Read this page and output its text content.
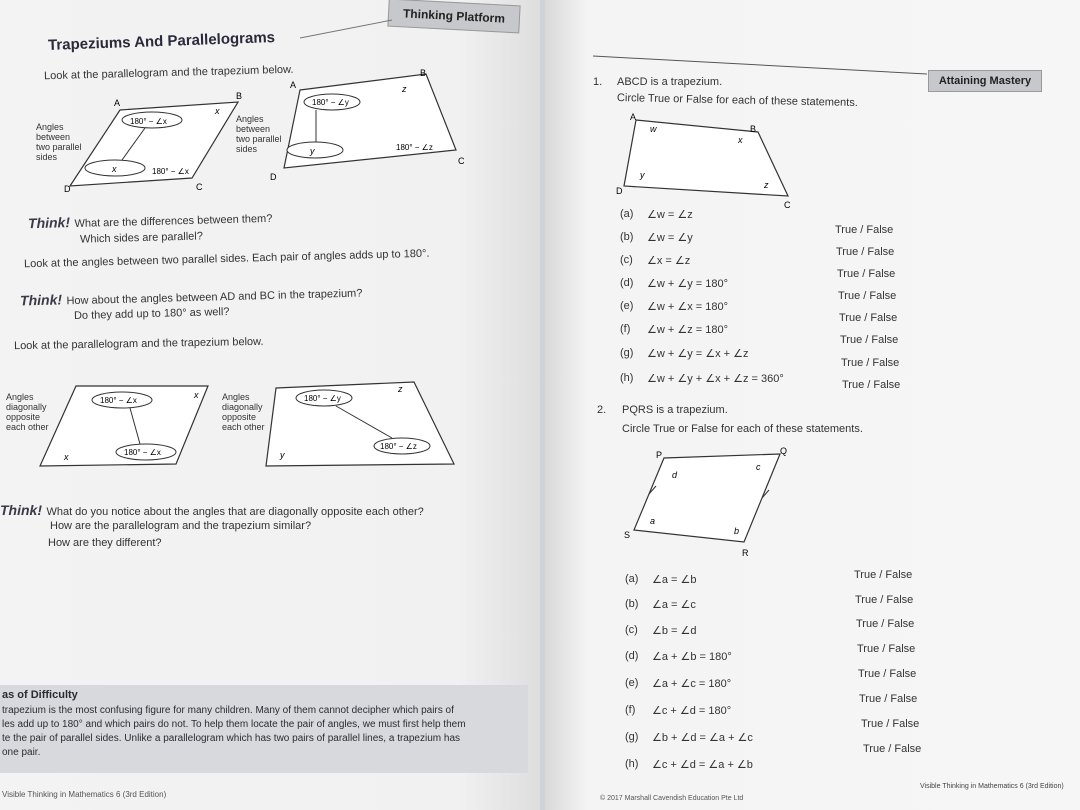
Thinking Platform
Trapeziums And Parallelograms
Look at the parallelogram and the trapezium below.
Angles
between
two parallel
sides
Angles
between
two parallel
sides
180° − ∠x
180° − ∠x
x
x
A
B
C
D
180° − ∠y
180° − ∠z
y
z
A
B
C
D
Think! What are the differences between them?
Which sides are parallel?
Look at the angles between two parallel sides. Each pair of angles adds up to 180°.
Think! How about the angles between AD and BC in the trapezium?
Do they add up to 180° as well?
Look at the parallelogram and the trapezium below.
Angles
diagonally
opposite
each other
Angles
diagonally
opposite
each other
180° − ∠x
180° − ∠x
x
x
180° − ∠y
180° − ∠z
y
z
Think! What do you notice about the angles that are diagonally opposite each other?
How are the parallelogram and the trapezium similar?
How are they different?
as of Difficulty
trapezium is the most confusing figure for many children. Many of them cannot decipher which pairs of
les add up to 180° and which pairs do not. To help them locate the pair of angles, we must first help them
te the pair of parallel sides. Unlike a parallelogram which has two pairs of parallel lines, a trapezium has
one pair.
Visible Thinking in Mathematics 6 (3rd Edition)
Attaining Mastery
1. ABCD is a trapezium.
Circle True or False for each of these statements.
A
B
C
D
w
x
y
z
(a) ∠w = ∠z
True / False
(b) ∠w = ∠y
True / False
(c) ∠x = ∠z
True / False
(d) ∠w + ∠y = 180°
True / False
(e) ∠w + ∠x = 180°
True / False
(f) ∠w + ∠z = 180°
True / False
(g) ∠w + ∠y = ∠x + ∠z
True / False
(h) ∠w + ∠y + ∠x + ∠z = 360°	True / False
2. PQRS is a trapezium.
Circle True or False for each of these statements.
P	Q
R
S
a
b
c
d
(a) ∠a = ∠b	True / False
(b) ∠a = ∠c	True / False
(c) ∠b = ∠d
True / False
(d) ∠a + ∠b = 180°
True / False
(e) ∠a + ∠c = 180°
True / False
(f) ∠c + ∠d = 180°
True / False
(g) ∠b + ∠d = ∠a + ∠c
True / False
(h) ∠c + ∠d = ∠a + ∠b
True / False
© 2017 Marshall Cavendish Education Pte Ltd
Visible Thinking in Mathematics 6 (3rd Edition)
